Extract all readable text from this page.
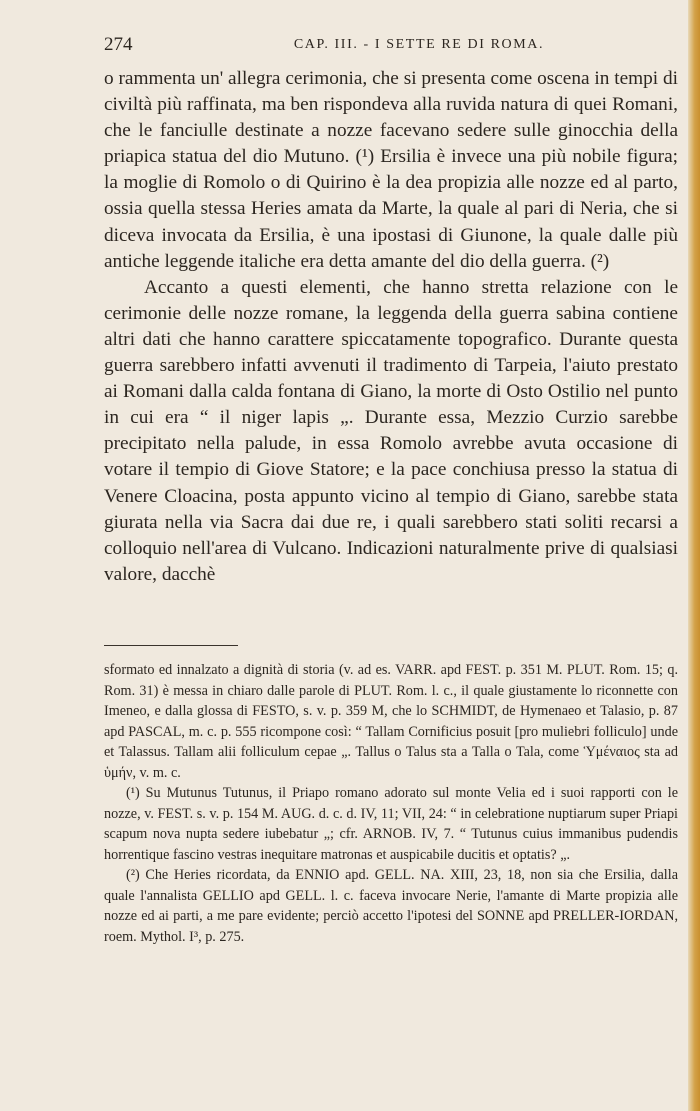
274	CAP. III. - I SETTE RE DI ROMA.

o rammenta un' allegra cerimonia, che si presenta come oscena in tempi di civiltà più raffinata, ma ben rispondeva alla ruvida natura di quei Romani, che le fanciulle destinate a nozze facevano sedere sulle ginocchia della priapica statua del dio Mutuno. (¹) Ersilia è invece una più nobile figura; la moglie di Romolo o di Quirino è la dea propizia alle nozze ed al parto, ossia quella stessa Heries amata da Marte, la quale al pari di Neria, che si diceva invocata da Ersilia, è una ipostasi di Giunone, la quale dalle più antiche leggende italiche era detta amante del dio della guerra. (²)

Accanto a questi elementi, che hanno stretta relazione con le cerimonie delle nozze romane, la leggenda della guerra sabina contiene altri dati che hanno carattere spiccatamente topografico. Durante questa guerra sarebbero infatti avvenuti il tradimento di Tarpeia, l'aiuto prestato ai Romani dalla calda fontana di Giano, la morte di Osto Ostilio nel punto in cui era “ il niger lapis „. Durante essa, Mezzio Curzio sarebbe precipitato nella palude, in essa Romolo avrebbe avuta occasione di votare il tempio di Giove Statore; e la pace conchiusa presso la statua di Venere Cloacina, posta appunto vicino al tempio di Giano, sarebbe stata giurata nella via Sacra dai due re, i quali sarebbero stati soliti recarsi a colloquio nell'area di Vulcano. Indicazioni naturalmente prive di qualsiasi valore, dacchè

sformato ed innalzato a dignità di storia (v. ad es. VARR. apd FEST. p. 351 M. PLUT. Rom. 15; q. Rom. 31) è messa in chiaro dalle parole di PLUT. Rom. l. c., il quale giustamente lo riconnette con Imeneo, e dalla glossa di FESTO, s. v. p. 359 M, che lo SCHMIDT, de Hymenaeo et Talasio, p. 87 apd PASCAL, m. c. p. 555 ricompone così: “ Tallam Cornificius posuit [pro muliebri folliculo] unde et Talassus. Tallam alii folliculum cepae „. Tallus o Talus sta a Talla o Tala, come Ὑμέναιος sta ad ὑμήν, v. m. c.

(¹) Su Mutunus Tutunus, il Priapo romano adorato sul monte Velia ed i suoi rapporti con le nozze, v. FEST. s. v. p. 154 M. AUG. d. c. d. IV, 11; VII, 24: “ in celebratione nuptiarum super Priapi scapum nova nupta sedere iubebatur „; cfr. ARNOB. IV, 7. “ Tutunus cuius immanibus pudendis horrentique fascino vestras inequitare matronas et auspicabile ducitis et optatis? „.

(²) Che Heries ricordata, da ENNIO apd. GELL. NA. XIII, 23, 18, non sia che Ersilia, dalla quale l'annalista GELLIO apd GELL. l. c. faceva invocare Nerie, l'amante di Marte propizia alle nozze ed ai parti, a me pare evidente; perciò accetto l'ipotesi del SONNE apd PRELLER-IORDAN, roem. Mythol. I³, p. 275.
